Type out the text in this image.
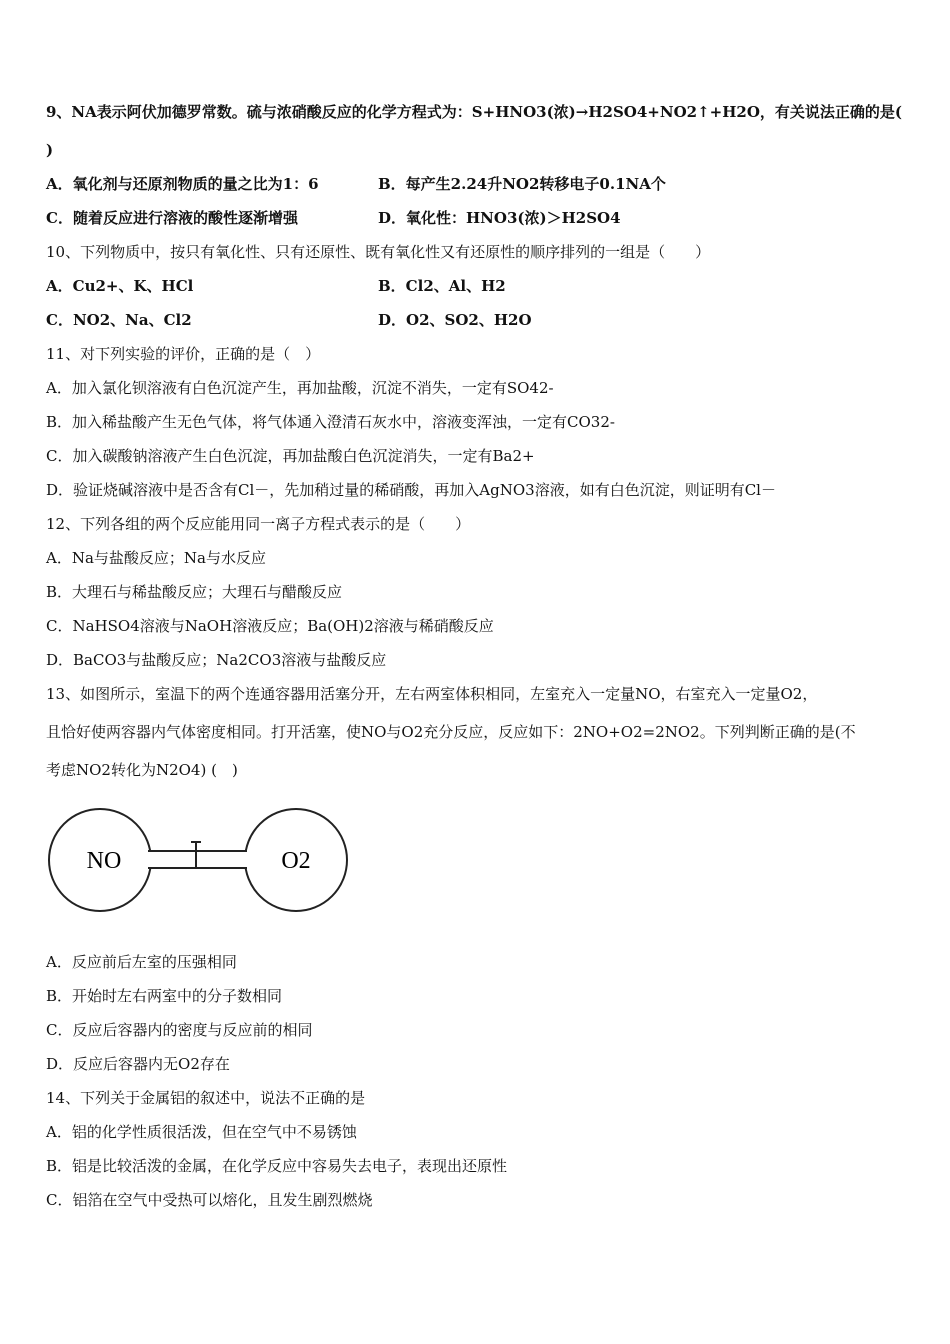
9、NA表示阿伏加德罗常数。硫与浓硝酸反应的化学方程式为：S+HNO3(浓)→H2SO4+NO2↑+H2O，有关说法正确的是(
)
A．氧化剂与还原剂物质的量之比为1：6	B．每产生2.24升NO2转移电子0.1NA个
C．随着反应进行溶液的酸性逐渐增强	D．氧化性：HNO3(浓)＞H2SO4
10、下列物质中，按只有氧化性、只有还原性、既有氧化性又有还原性的顺序排列的一组是（　　）
A．Cu2+、K、HCl	B．Cl2、Al、H2
C．NO2、Na、Cl2	D．O2、SO2、H2O
11、对下列实验的评价，正确的是（　）
A．加入氯化钡溶液有白色沉淀产生，再加盐酸，沉淀不消失，一定有SO42-
B．加入稀盐酸产生无色气体，将气体通入澄清石灰水中，溶液变浑浊，一定有CO32-
C．加入碳酸钠溶液产生白色沉淀，再加盐酸白色沉淀消失，一定有Ba2+
D．验证烧碱溶液中是否含有Cl－，先加稍过量的稀硝酸，再加入AgNO3溶液，如有白色沉淀，则证明有Cl－
12、下列各组的两个反应能用同一离子方程式表示的是（　　）
A．Na与盐酸反应；Na与水反应
B．大理石与稀盐酸反应；大理石与醋酸反应
C．NaHSO4溶液与NaOH溶液反应；Ba(OH)2溶液与稀硝酸反应
D．BaCO3与盐酸反应；Na2CO3溶液与盐酸反应
13、如图所示，室温下的两个连通容器用活塞分开，左右两室体积相同，左室充入一定量NO，右室充入一定量O2，
且恰好使两容器内气体密度相同。打开活塞，使NO与O2充分反应，反应如下：2NO+O2=2NO2。下列判断正确的是(不
考虑NO2转化为N2O4) (　)
NO	O2
A．反应前后左室的压强相同
B．开始时左右两室中的分子数相同
C．反应后容器内的密度与反应前的相同
D．反应后容器内无O2存在
14、下列关于金属铝的叙述中，说法不正确的是
A．铝的化学性质很活泼，但在空气中不易锈蚀
B．铝是比较活泼的金属，在化学反应中容易失去电子，表现出还原性
C．铝箔在空气中受热可以熔化，且发生剧烈燃烧
